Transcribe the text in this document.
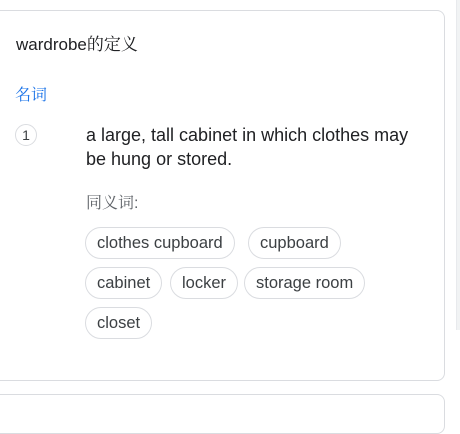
wardrobe的定义
名词
1	a large, tall cabinet in which clothes may be hung or stored.
同义词:
clothes cupboard	cupboard
cabinet	locker	storage room
closet
